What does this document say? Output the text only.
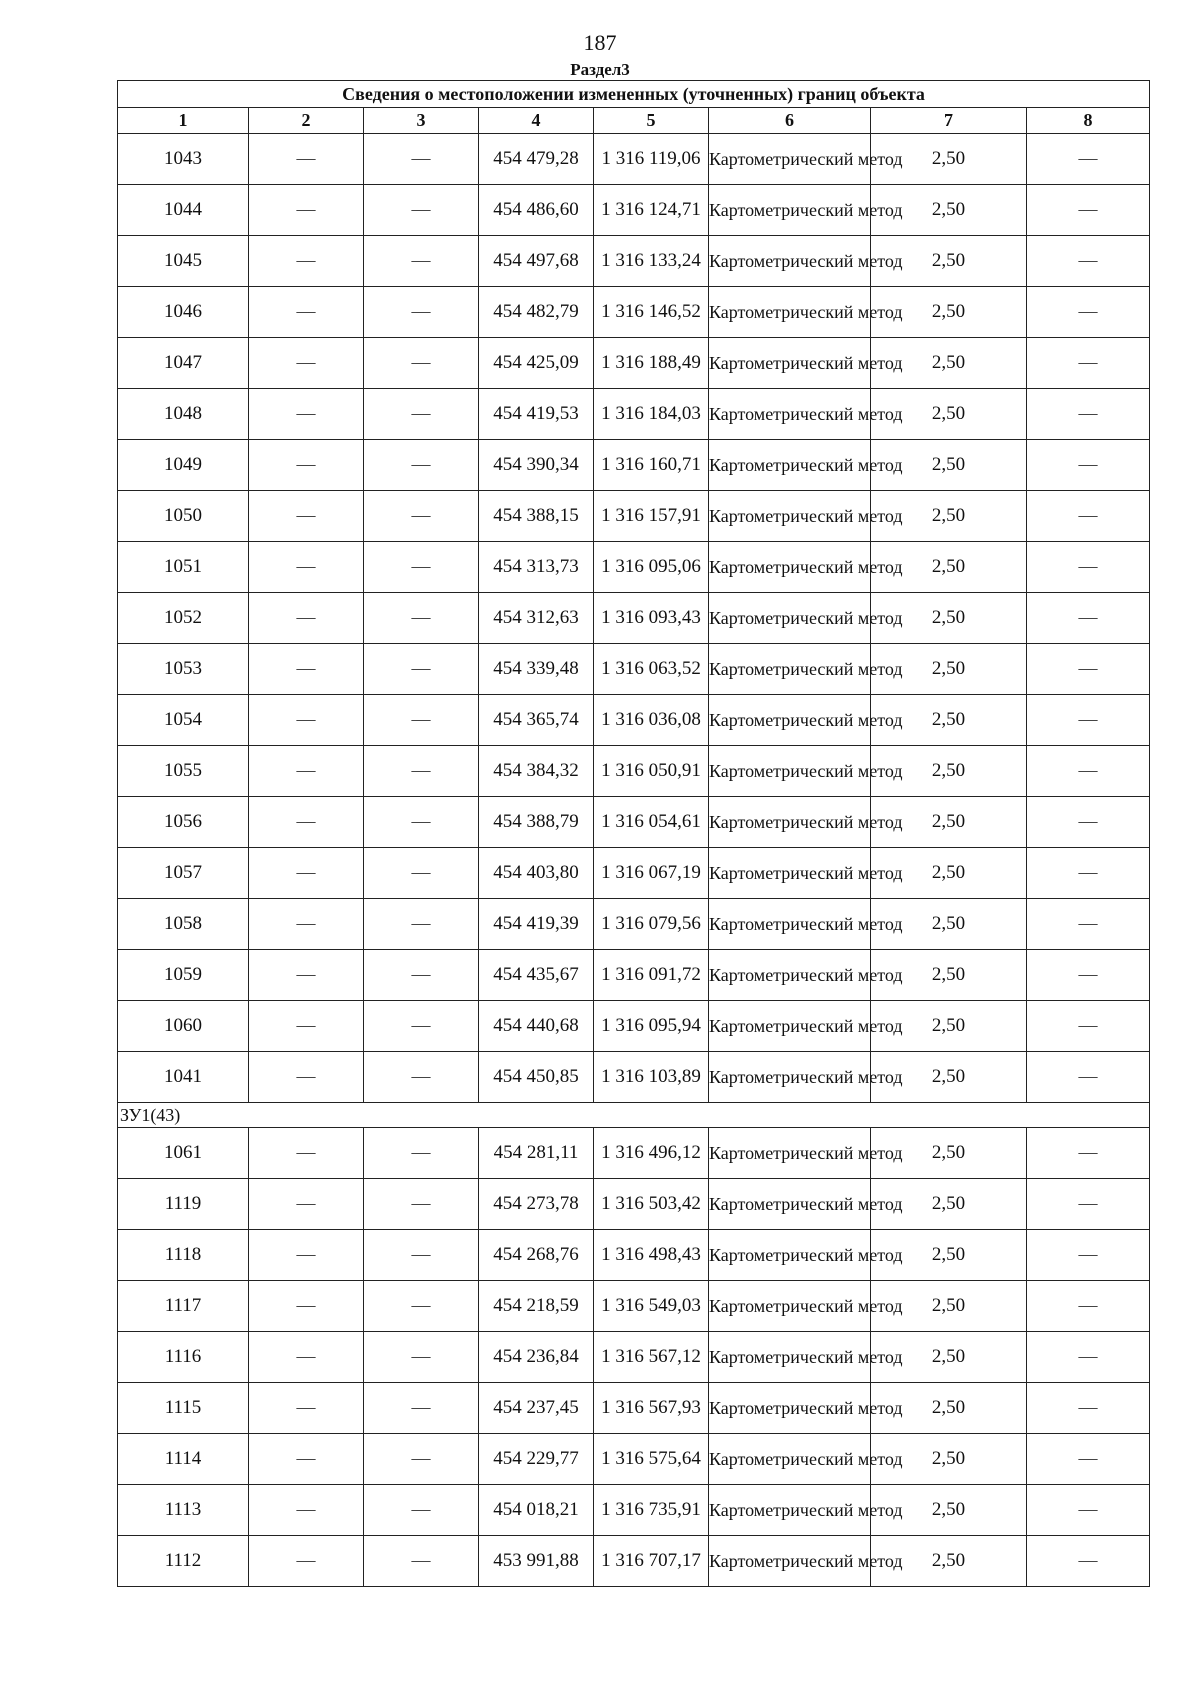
187
Раздел3
Сведения о местоположении измененных (уточненных) границ объекта							
1	2	3	4	5	6	7	8
1043	—	—	454 479,28	1 316 119,06	Картометрический метод	2,50	—
1044	—	—	454 486,60	1 316 124,71	Картометрический метод	2,50	—
1045	—	—	454 497,68	1 316 133,24	Картометрический метод	2,50	—
1046	—	—	454 482,79	1 316 146,52	Картометрический метод	2,50	—
1047	—	—	454 425,09	1 316 188,49	Картометрический метод	2,50	—
1048	—	—	454 419,53	1 316 184,03	Картометрический метод	2,50	—
1049	—	—	454 390,34	1 316 160,71	Картометрический метод	2,50	—
1050	—	—	454 388,15	1 316 157,91	Картометрический метод	2,50	—
1051	—	—	454 313,73	1 316 095,06	Картометрический метод	2,50	—
1052	—	—	454 312,63	1 316 093,43	Картометрический метод	2,50	—
1053	—	—	454 339,48	1 316 063,52	Картометрический метод	2,50	—
1054	—	—	454 365,74	1 316 036,08	Картометрический метод	2,50	—
1055	—	—	454 384,32	1 316 050,91	Картометрический метод	2,50	—
1056	—	—	454 388,79	1 316 054,61	Картометрический метод	2,50	—
1057	—	—	454 403,80	1 316 067,19	Картометрический метод	2,50	—
1058	—	—	454 419,39	1 316 079,56	Картометрический метод	2,50	—
1059	—	—	454 435,67	1 316 091,72	Картометрический метод	2,50	—
1060	—	—	454 440,68	1 316 095,94	Картометрический метод	2,50	—
1041	—	—	454 450,85	1 316 103,89	Картометрический метод	2,50	—
ЗУ1(43)							
1061	—	—	454 281,11	1 316 496,12	Картометрический метод	2,50	—
1119	—	—	454 273,78	1 316 503,42	Картометрический метод	2,50	—
1118	—	—	454 268,76	1 316 498,43	Картометрический метод	2,50	—
1117	—	—	454 218,59	1 316 549,03	Картометрический метод	2,50	—
1116	—	—	454 236,84	1 316 567,12	Картометрический метод	2,50	—
1115	—	—	454 237,45	1 316 567,93	Картометрический метод	2,50	—
1114	—	—	454 229,77	1 316 575,64	Картометрический метод	2,50	—
1113	—	—	454 018,21	1 316 735,91	Картометрический метод	2,50	—
1112	—	—	453 991,88	1 316 707,17	Картометрический метод	2,50	—
